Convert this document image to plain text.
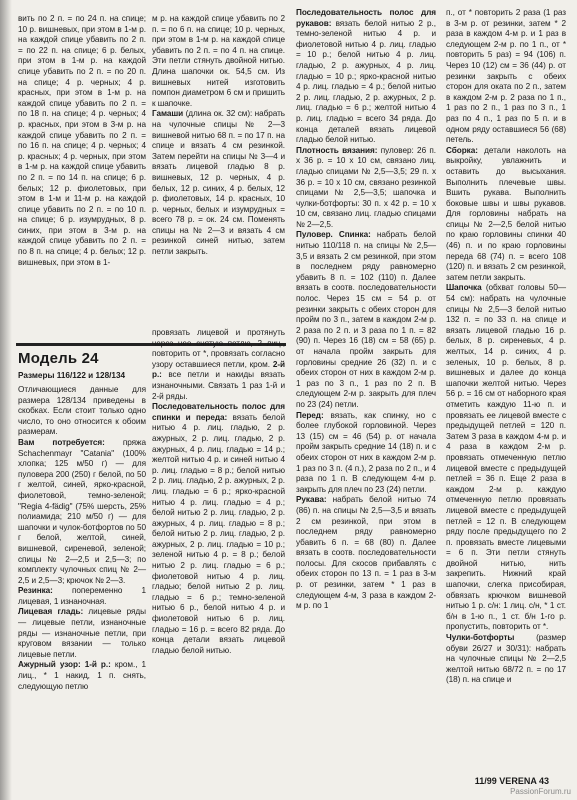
вить по 2 п. = по 24 п. на спице; 10 р. вишневых, при этом в 1-м р. на каждой спице убавить по 2 п. = по 22 п. на спице; 6 р. белых, при этом в 1-м р. на каждой спице убавить по 2 п. = по 20 п. на спице; 4 р. черных; 4 р. красных, при этом в 1-м р. на каждой спице убавить по 2 п. = по 18 п. на спице; 4 р. черных; 4 р. красных, при этом в 3-м р. на каждой спице убавить по 2 п. = по 16 п. на спице; 4 р. черных; 4 р. красных; 4 р. черных, при этом в 1-м р. на каждой спице убавить по 2 п. = по 14 п. на спице; 6 р. белых; 12 р. фиолетовых, при этом в 1-м и 11-м р. на каждой спице убавить по 2 п. = по 10 п. на спице; 6 р. изумрудных, 8 р. синих, при этом в 3-м р. на каждой спице убавить по 2 п. = по 8 п. на спице; 4 р. белых; 12 р. вишневых, при этом в 1-

м р. на каждой спице убавить по 2 п. = по 6 п. на спице; 10 р. черных, при этом в 1-м р. на каждой спице убавить по 2 п. = по 4 п. на спице. Эти петли стянуть двойной нитью. Длина шапочки ок. 54,5 см. Из вишневых нитей изготовить помпон диаметром 6 см и пришить к шапочке.

Гамаши (длина ок. 32 см): набрать на чулочные спицы № 2—3 вишневой нитью 68 п. = по 17 п. на спице и вязать 4 см резинкой. Затем перейти на спицы № 3—4 и вязать лицевой гладью 8 р. вишневых, 12 р. черных, 4 р. белых, 12 р. синих, 4 р. белых, 12 р. фиолетовых, 14 р. красных, 10 р. черных, белых и изумрудных = всего 78 р. = ок. 24 см. Поменять спицы на № 2—3 и вязать 4 см резинкой синей нитью, затем петли закрыть.

Модель 24
Размеры 116/122 и 128/134

Отличающиеся данные для размера 128/134 приведены в скобках. Если стоит только одно число, то оно относится к обоим размерам.

Вам потребуется: пряжа Schachenmayr "Catania" (100% хлопка; 125 м/50 г) — для пуловера 200 (250) г белой, по 50 г желтой, синей, ярко-красной, фиолетовой, темно-зеленой; "Regia 4-fädig" (75% шерсть, 25% полиамида; 210 м/50 г) — для шапочки и чулок-ботфортов по 50 г белой, желтой, синей, вишневой, сиреневой, зеленой; спицы № 2—2,5 и 2,5—3; по комплекту чулочных спиц № 2—2,5 и 2,5—3; крючок № 2—3.

Резинка: попеременно 1 лицевая, 1 изнаночная.

Лицевая гладь: лицевые ряды — лицевые петли, изнаночные ряды — изнаночные петли, при круговом вязании — только лицевые петли.

Ажурный узор: 1-й р.: кром., 1 лиц., * 1 накид, 1 п. снять, следующую петлю

провязать лицевой и протянуть через нее снятую петлю, 2 лиц., повторить от *, провязать согласно узору оставшиеся петли, кром. 2-й р.: все петли и накиды вязать изнаночными. Связать 1 раз 1-й и 2-й ряды.

Последовательность полос для спинки и переда: вязать белой нитью 4 р. лиц. гладью, 2 р. ажурных, 2 р. лиц. гладью, 2 р. ажурных, 4 р. лиц. гладью = 14 р.; желтой нитью 4 р. и синей нитью 4 р. лиц. гладью = 8 р.; белой нитью 2 р. лиц. гладью, 2 р. ажурных, 2 р. лиц. гладью = 6 р.; ярко-красной нитью 4 р. лиц. гладью = 4 р.; белой нитью 2 р. лиц. гладью, 2 р. ажурных, 4 р. лиц. гладью = 8 р.; белой нитью 2 р. лиц. гладью, 2 р. ажурных, 2 р. лиц. гладью = 10 р.; зеленой нитью 4 р. = 8 р.; белой нитью 2 р. лиц. гладью = 6 р.; фиолетовой нитью 4 р. лиц. гладью; белой нитью 2 р. лиц. гладью = 6 р.; темно-зеленой нитью 6 р., белой нитью 4 р. и фиолетовой нитью 6 р. лиц. гладью = 16 р. = всего 82 ряда. До конца детали вязать лицевой гладью белой нитью.

Последовательность полос для рукавов: вязать белой нитью 2 р., темно-зеленой нитью 4 р. и фиолетовой нитью 4 р. лиц. гладью = 10 р.; белой нитью 4 р. лиц. гладью, 2 р. ажурных, 4 р. лиц. гладью = 10 р.; ярко-красной нитью 4 р. лиц. гладью = 4 р.; белой нитью 2 р. лиц. гладью, 2 р. ажурных, 2 р. лиц. гладью = 6 р.; желтой нитью 4 р. лиц. гладью = всего 34 ряда. До конца деталей вязать лицевой гладью белой нитью.

Плотность вязания: пуловер: 26 п. х 36 р. = 10 х 10 см, связано лиц. гладью спицами № 2,5—3,5; 29 п. х 36 р. = 10 х 10 см, связано резинкой спицами № 2,5—3,5; шапочка и чулки-ботфорты: 30 п. х 42 р. = 10 х 10 см, связано лиц. гладью спицами № 2—2,5.

Пуловер. Спинка: набрать белой нитью 110/118 п. на спицы № 2,5—3,5 и вязать 2 см резинкой, при этом в последнем ряду равномерно убавить 8 п. = 102 (110) п. Далее вязать в соотв. последовательности полос. Через 15 см = 54 р. от резинки закрыть с обеих сторон для пройм по 3 п., затем в каждом 2-м р. 2 раза по 2 п. и 3 раза по 1 п. = 82 (90) п. Через 16 (18) см = 58 (65) р. от начала пройм закрыть для горловины средние 26 (32) п. и с обеих сторон от них в каждом 2-м р. 1 раз по 3 п., 1 раз по 2 п. В следующем 2-м р. закрыть для плеч по 23 (24) петли.

Перед: вязать, как спинку, но с более глубокой горловиной. Через 13 (15) см = 46 (54) р. от начала пройм закрыть средние 14 (18) п. и с обеих сторон от них в каждом 2-м р. 1 раз по 3 п. (4 п.), 2 раза по 2 п., и 4 раза по 1 п. В следующем 4-м р. закрыть для плеч по 23 (24) петли.

Рукава: набрать белой нитью 74 (86) п. на спицы № 2,5—3,5 и вязать 2 см резинкой, при этом в последнем ряду равномерно убавить 6 п. = 68 (80) п. Далее вязать в соотв. последовательности полосы. Для скосов прибавлять с обеих сторон по 13 п. = 1 раз в 3-м р. от резинки, затем * 1 раз в следующем 4-м, 3 раза в каждом 2-м р. по 1

п., от * повторить 2 раза (1 раз в 3-м р. от резинки, затем * 2 раза в каждом 4-м р. и 1 раз в следующем 2-м р. по 1 п., от * повторить 5 раз) = 94 (106) п. Через 10 (12) см = 36 (44) р. от резинки закрыть с обеих сторон для оката по 2 п., затем в каждом 2-м р. 2 раза по 1 п., 1 раз по 2 п., 1 раз по 3 п., 1 раз по 4 п., 1 раз по 5 п. и в одном ряду оставшиеся 56 (68) петель.

Сборка: детали наколоть на выкройку, увлажнить и оставить до высыхания. Выполнить плечевые швы. Вшить рукава. Выполнить боковые швы и швы рукавов. Для горловины набрать на спицы № 2—2,5 белой нитью по краю горловины спинки 40 (46) п. и по краю горловины переда 68 (74) п. = всего 108 (120) п. и вязать 2 см резинкой, затем петли закрыть.

Шапочка (обхват головы 50—54 см): набрать на чулочные спицы № 2,5—3 белой нитью 132 п. = по 33 п. на спице и вязать лицевой гладью 16 р. белых, 8 р. сиреневых, 4 р. желтых, 14 р. синих, 4 р. зеленых, 10 р. белых, 8 р. вишневых и далее до конца шапочки желтой нитью. Через 56 р. = 16 см от наборного края отметить каждую 11-ю п. и провязать ее лицевой вместе с предыдущей петлей = 120 п. Затем 3 раза в каждом 4-м р. и 4 раза в каждом 2-м р. провязать отмеченную петлю лицевой вместе с предыдущей петлей = 36 п. Еще 2 раза в каждом 2-м р. каждую отмеченную петлю провязать лицевой вместе с предыдущей петлей = 12 п. В следующем ряду после предыдущего по 2 п. провязать вместе лицевыми = 6 п. Эти петли стянуть двойной нитью, нить закрепить. Нижний край шапочки, слегка присобирая, обвязать крючком вишневой нитью 1 р. с/н: 1 лиц. с/н, * 1 ст. б/н в 1-ю п., 1 ст. б/н 1-го р. пропустить, повторить от *.

Чулки-ботфорты (размер обуви 26/27 и 30/31): набрать на чулочные спицы № 2—2,5 желтой нитью 68/72 п. = по 17 (18) п. на спице и

11/99 VERENA 43
PassionForum.ru
